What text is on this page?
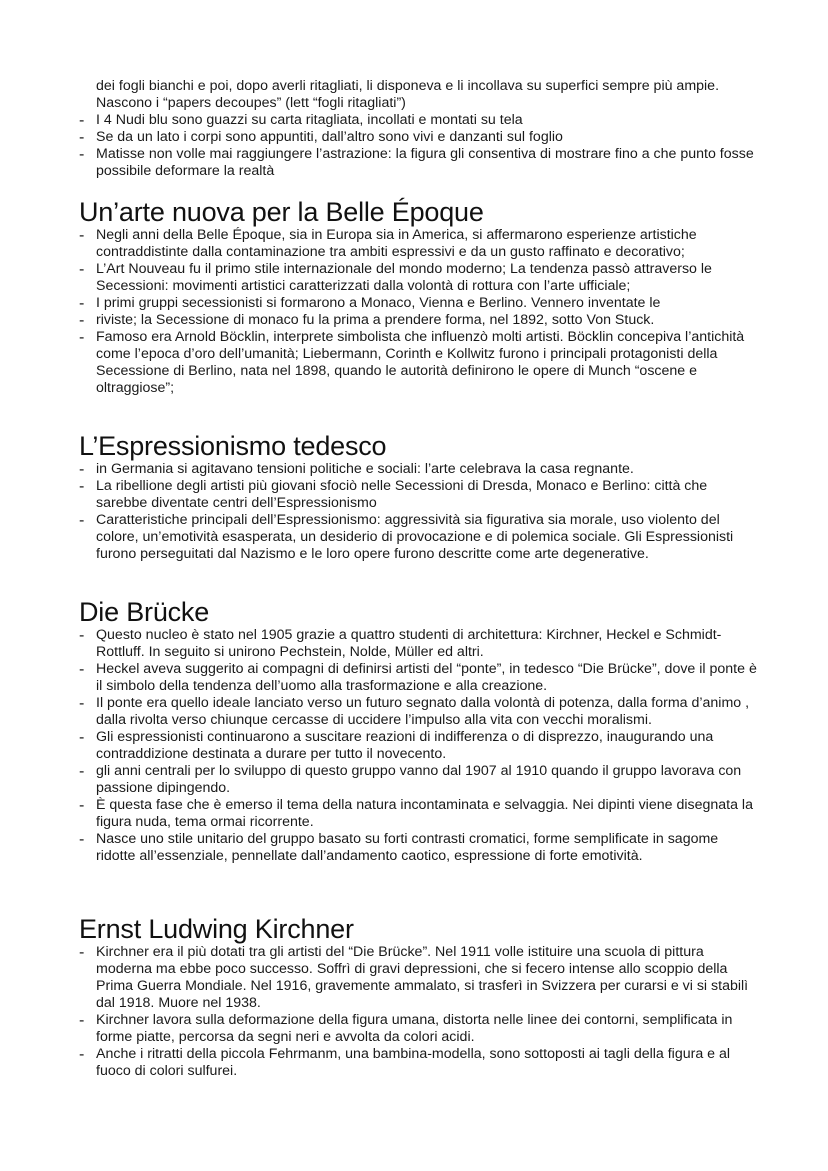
dei fogli bianchi e poi, dopo averli ritagliati, li disponeva e li incollava su superfici sempre più ampie. Nascono i “papers decoupes” (lett “fogli ritagliati”)
- I 4 Nudi blu sono guazzi su carta ritagliata, incollati e montati su tela
- Se da un lato i corpi sono appuntiti, dall’altro sono vivi e danzanti sul foglio
- Matisse non volle mai raggiungere l’astrazione: la figura gli consentiva di mostrare fino a che punto fosse possibile deformare la realtà
Un’arte nuova per la Belle Époque
- Negli anni della Belle Époque, sia in Europa sia in America, si affermarono esperienze artistiche contraddistinte dalla contaminazione tra ambiti espressivi e da un gusto raffinato e decorativo;
- L’Art Nouveau fu il primo stile internazionale del mondo moderno; La tendenza passò attraverso le Secessioni: movimenti artistici caratterizzati dalla volontà di rottura con l’arte ufficiale;
- I primi gruppi secessionisti si formarono a Monaco, Vienna e Berlino. Vennero inventate le
- riviste; la Secessione di monaco fu la prima a prendere forma, nel 1892, sotto Von Stuck.
- Famoso era Arnold Böcklin, interprete simbolista che influenzò molti artisti. Böcklin concepiva l’antichità come l’epoca d’oro dell’umanità; Liebermann, Corinth e Kollwitz furono i principali protagonisti della Secessione di Berlino, nata nel 1898, quando le autorità definirono le opere di Munch “oscene e oltraggiose”;
L’Espressionismo tedesco
- in Germania si agitavano tensioni politiche e sociali: l’arte celebrava la casa regnante.
- La ribellione degli artisti più giovani sfociò nelle Secessioni di Dresda, Monaco e Berlino: città che sarebbe diventate centri dell’Espressionismo
- Caratteristiche principali dell’Espressionismo: aggressività sia figurativa sia morale, uso violento del colore, un’emotività esasperata, un desiderio di provocazione e di polemica sociale. Gli Espressionisti furono perseguitati dal Nazismo e le loro opere furono descritte come arte degenerative.
Die Brücke
- Questo nucleo è stato nel 1905 grazie a quattro studenti di architettura: Kirchner, Heckel e Schmidt-Rottluff. In seguito si unirono Pechstein, Nolde, Müller ed altri.
- Heckel aveva suggerito ai compagni di definirsi artisti del “ponte”, in tedesco “Die Brücke”, dove il ponte è il simbolo della tendenza dell’uomo alla trasformazione e alla creazione.
- Il ponte era quello ideale lanciato verso un futuro segnato dalla volontà di potenza, dalla forma d’animo , dalla rivolta verso chiunque cercasse di uccidere l’impulso alla vita con vecchi moralismi.
- Gli espressionisti continuarono a suscitare reazioni di indifferenza o di disprezzo, inaugurando una contraddizione destinata a durare per tutto il novecento.
- gli anni centrali per lo sviluppo di questo gruppo vanno dal 1907 al 1910 quando il gruppo lavorava con passione dipingendo.
- È questa fase che è emerso il tema della natura incontaminata e selvaggia. Nei dipinti viene disegnata la figura nuda, tema ormai ricorrente.
- Nasce uno stile unitario del gruppo basato su forti contrasti cromatici, forme semplificate in sagome ridotte all’essenziale, pennellate dall’andamento caotico, espressione di forte emotività.
Ernst Ludwing Kirchner
- Kirchner era il più dotati tra gli artisti del “Die Brücke”. Nel 1911 volle istituire una scuola di pittura moderna ma ebbe poco successo. Soffrì di gravi depressioni, che si fecero intense allo scoppio della Prima Guerra Mondiale. Nel 1916, gravemente ammalato, si trasferì in Svizzera per curarsi e vi si stabilì dal 1918. Muore nel 1938.
- Kirchner lavora sulla deformazione della figura umana, distorta nelle linee dei contorni, semplificata in forme piatte, percorsa da segni neri e avvolta da colori acidi.
- Anche i ritratti della piccola Fehrmanm, una bambina-modella, sono sottoposti ai tagli della figura e al fuoco di colori sulfurei.
